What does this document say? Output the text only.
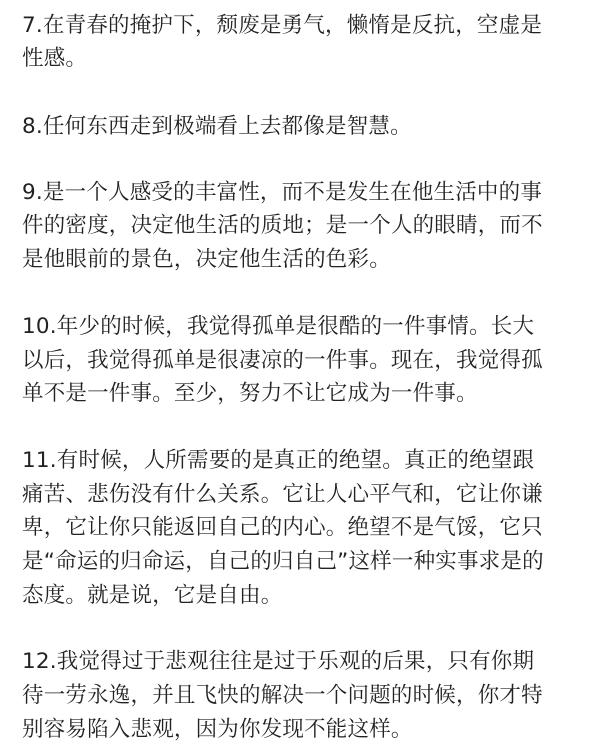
7.在青春的掩护下，颓废是勇气，懒惰是反抗，空虚是
性感。
8.任何东西走到极端看上去都像是智慧。
9.是一个人感受的丰富性，而不是发生在他生活中的事
件的密度，决定他生活的质地；是一个人的眼睛，而不
是他眼前的景色，决定他生活的色彩。
10.年少的时候，我觉得孤单是很酷的一件事情。长大
以后，我觉得孤单是很凄凉的一件事。现在，我觉得孤
单不是一件事。至少，努力不让它成为一件事。
11.有时候，人所需要的是真正的绝望。真正的绝望跟
痛苦、悲伤没有什么关系。它让人心平气和，它让你谦
卑，它让你只能返回自己的内心。绝望不是气馁，它只
是“命运的归命运，自己的归自己”这样一种实事求是的
态度。就是说，它是自由。
12.我觉得过于悲观往往是过于乐观的后果，只有你期
待一劳永逸，并且飞快的解决一个问题的时候，你才特
别容易陷入悲观，因为你发现不能这样。
